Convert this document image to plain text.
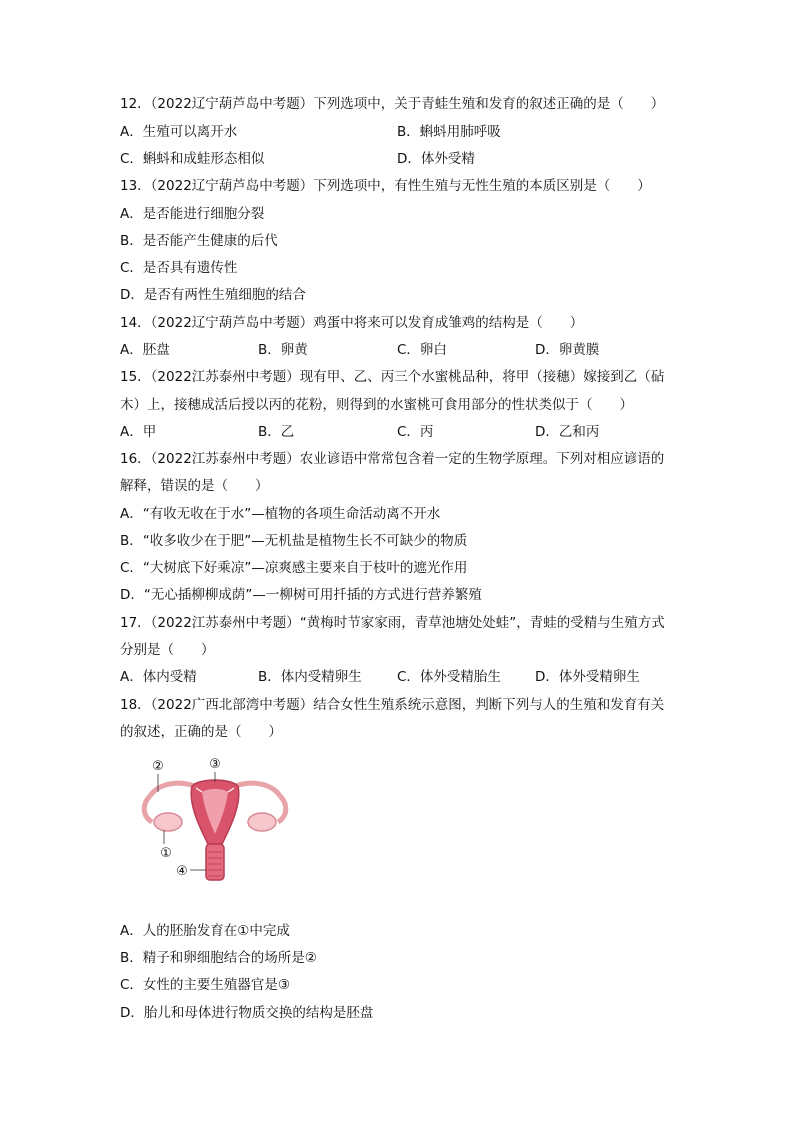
12．（2022辽宁葫芦岛中考题）下列选项中，关于青蛙生殖和发育的叙述正确的是（　　）
A．生殖可以离开水	B．蝌蚪用肺呼吸
C．蝌蚪和成蛙形态相似	D．体外受精
13．（2022辽宁葫芦岛中考题）下列选项中，有性生殖与无性生殖的本质区别是（　　）
A．是否能进行细胞分裂
B．是否能产生健康的后代
C．是否具有遗传性
D．是否有两性生殖细胞的结合
14．（2022辽宁葫芦岛中考题）鸡蛋中将来可以发育成雏鸡的结构是（　　）
A．胚盘	B．卵黄	C．卵白	D．卵黄膜
15．（2022江苏泰州中考题）现有甲、乙、丙三个水蜜桃品种，将甲（接穗）嫁接到乙（砧
木）上，接穗成活后授以丙的花粉，则得到的水蜜桃可食用部分的性状类似于（　　）
A．甲	B．乙	C．丙	D．乙和丙
16．（2022江苏泰州中考题）农业谚语中常常包含着一定的生物学原理。下列对相应谚语的
解释，错误的是（　　）
A．“有收无收在于水”—植物的各项生命活动离不开水
B．“收多收少在于肥”—无机盐是植物生长不可缺少的物质
C．“大树底下好乘凉”—凉爽感主要来自于枝叶的遮光作用
D．“无心插柳柳成荫”—一柳树可用扦插的方式进行营养繁殖
17．（2022江苏泰州中考题）“黄梅时节家家雨，青草池塘处处蛙”，青蛙的受精与生殖方式
分别是（　　）
A．体内受精	B．体内受精卵生	C．体外受精胎生	D．体外受精卵生
18．（2022广西北部湾中考题）结合女性生殖系统示意图，判断下列与人的生殖和发育有关
的叙述，正确的是（　　）
②	③
①
④
A．人的胚胎发育在①中完成
B．精子和卵细胞结合的场所是②
C．女性的主要生殖器官是③
D．胎儿和母体进行物质交换的结构是胚盘
